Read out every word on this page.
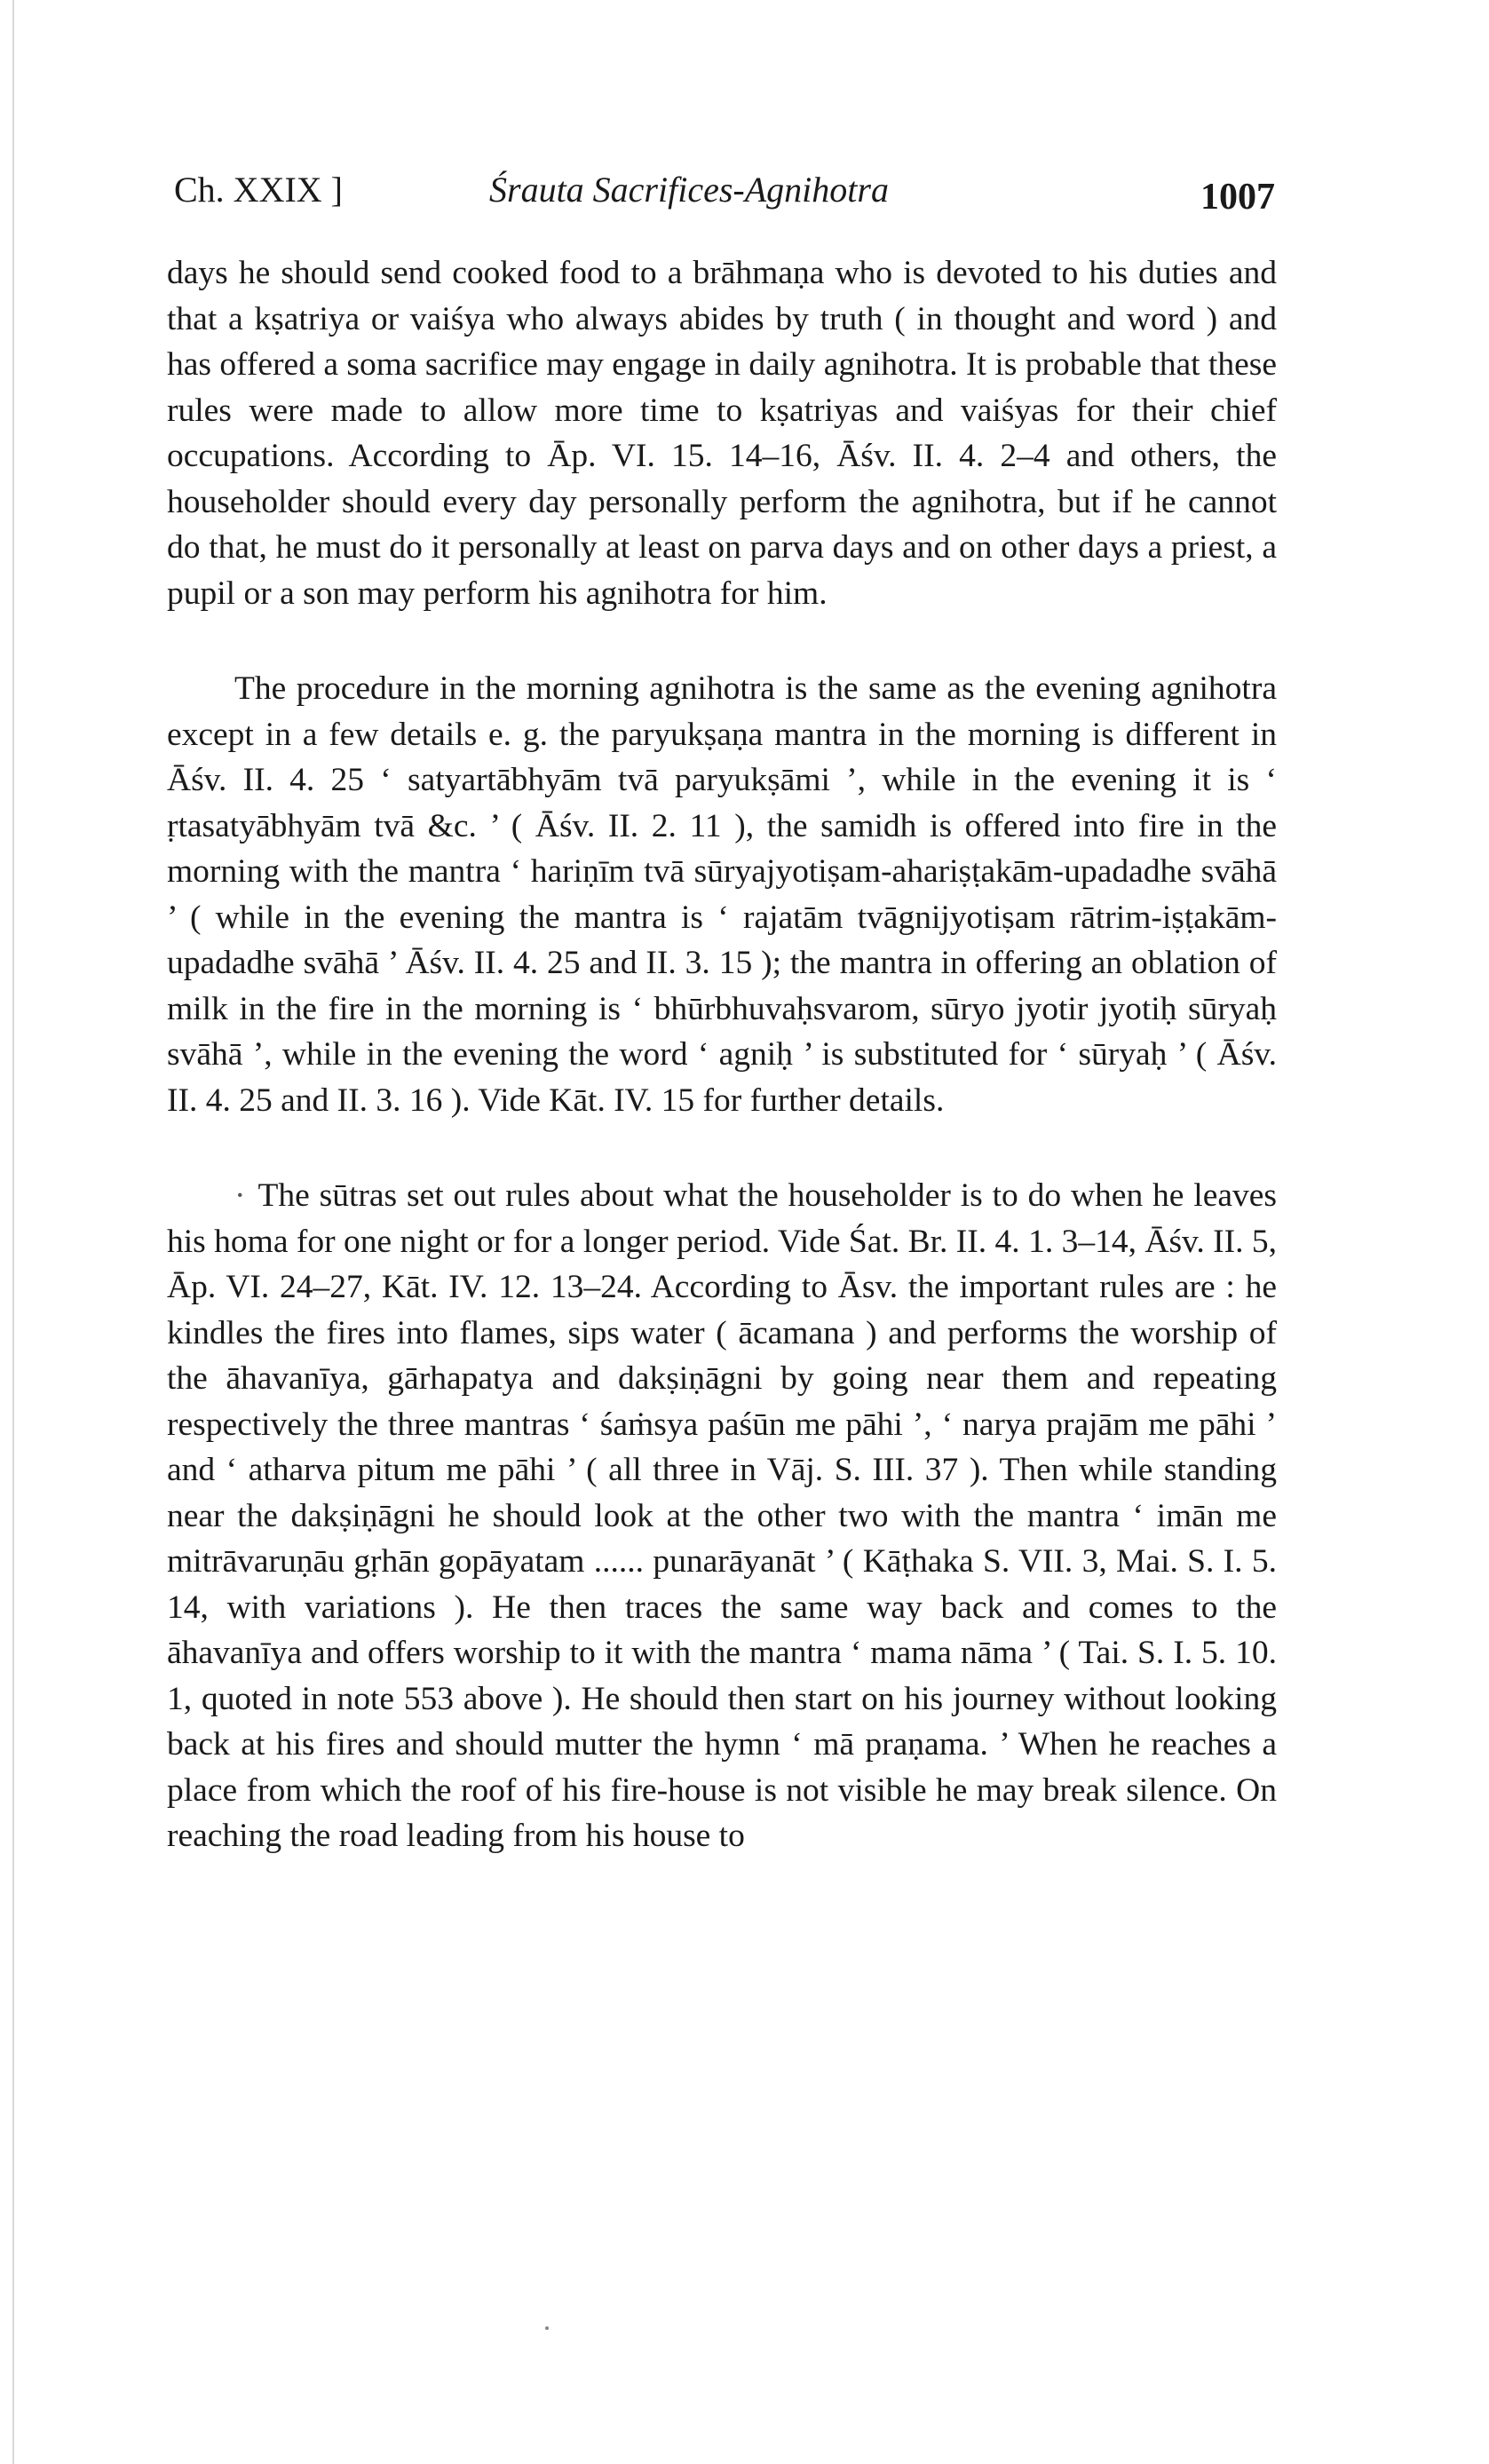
Ch. XXIX ]	Śrauta Sacrifices-Agnihotra	1007

days he should send cooked food to a brāhmaṇa who is devoted to his duties and that a kṣatriya or vaiśya who always abides by truth ( in thought and word ) and has offered a soma sacrifice may engage in daily agnihotra. It is probable that these rules were made to allow more time to kṣatriyas and vaiśyas for their chief occupations. According to Āp. VI. 15. 14–16, Āśv. II. 4. 2–4 and others, the householder should every day personally perform the agnihotra, but if he cannot do that, he must do it personally at least on parva days and on other days a priest, a pupil or a son may perform his agnihotra for him.

The procedure in the morning agnihotra is the same as the evening agnihotra except in a few details e. g. the paryukṣaṇa mantra in the morning is different in Āśv. II. 4. 25 ‘ satyartābhyām tvā paryukṣāmi ’, while in the evening it is ‘ ṛtasatyābhyām tvā &c. ’ ( Āśv. II. 2. 11 ), the samidh is offered into fire in the morning with the mantra ‘ hariṇīm tvā sūryajyotiṣam-ahariṣṭakām-upadadhe svāhā ’ ( while in the evening the mantra is ‘ rajatām tvāgnijyotiṣam rātrim-iṣṭakām-upadadhe svāhā ’ Āśv. II. 4. 25 and II. 3. 15 ); the mantra in offering an oblation of milk in the fire in the morning is ‘ bhūrbhuvaḥsvarom, sūryo jyotir jyotiḥ sūryaḥ svāhā ’, while in the evening the word ‘ agniḥ ’ is substituted for ‘ sūryaḥ ’ ( Āśv. II. 4. 25 and II. 3. 16 ). Vide Kāt. IV. 15 for further details.

· The sūtras set out rules about what the householder is to do when he leaves his homa for one night or for a longer period. Vide Śat. Br. II. 4. 1. 3–14, Āśv. II. 5, Āp. VI. 24–27, Kāt. IV. 12. 13–24. According to Āsv. the important rules are : he kindles the fires into flames, sips water ( ācamana ) and performs the worship of the āhavanīya, gārhapatya and dakṣiṇāgni by going near them and repeating respectively the three mantras ‘ śaṁsya paśūn me pāhi ’, ‘ narya prajām me pāhi ’ and ‘ atharva pitum me pāhi ’ ( all three in Vāj. S. III. 37 ). Then while standing near the dakṣiṇāgni he should look at the other two with the mantra ‘ imān me mitrāvaruṇāu gṛhān gopāyatam ...... punarāyanāt ’ ( Kāṭhaka S. VII. 3, Mai. S. I. 5. 14, with variations ). He then traces the same way back and comes to the āhavanīya and offers worship to it with the mantra ‘ mama nāma ’ ( Tai. S. I. 5. 10. 1, quoted in note 553 above ). He should then start on his journey without looking back at his fires and should mutter the hymn ‘ mā praṇama. ’ When he reaches a place from which the roof of his fire-house is not visible he may break silence. On reaching the road leading from his house to
